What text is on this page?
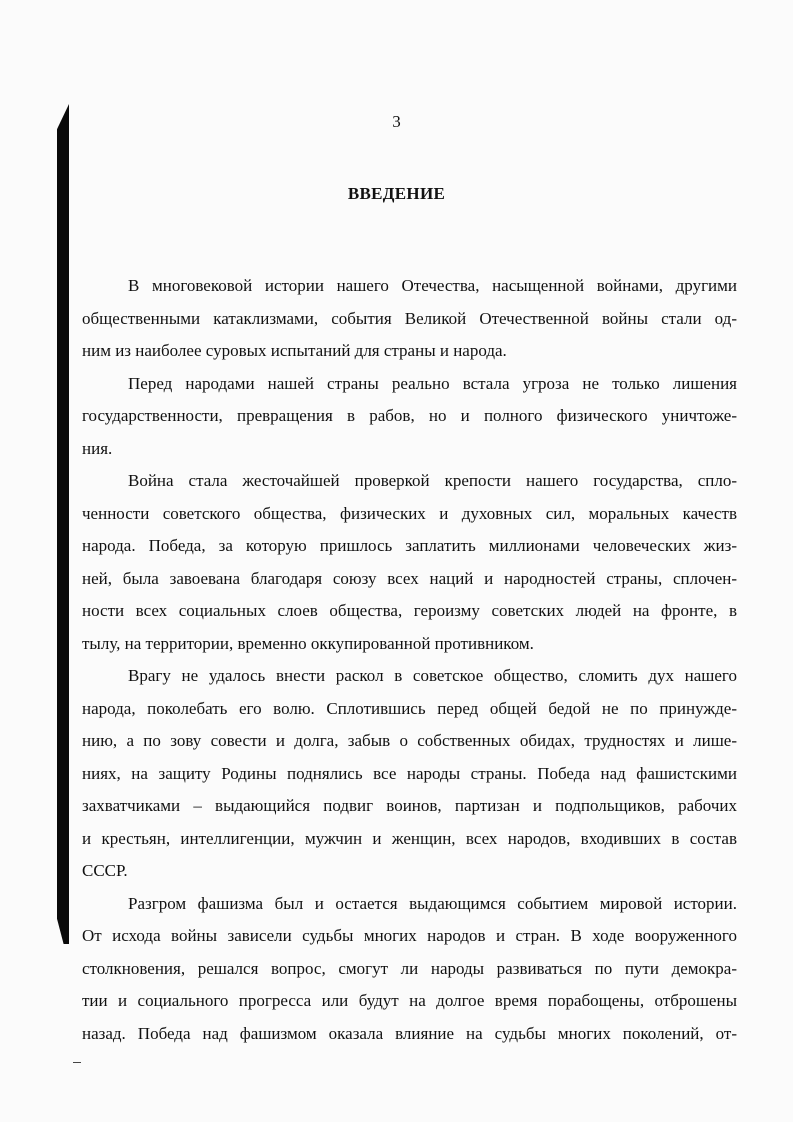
3
ВВЕДЕНИЕ
В многовековой истории нашего Отечества, насыщенной войнами, другими
общественными катаклизмами, события Великой Отечественной войны стали од-
ним из наиболее суровых испытаний для страны и народа.
Перед народами нашей страны реально встала угроза не только лишения
государственности, превращения в рабов, но и полного физического уничтоже-
ния.
Война стала жесточайшей проверкой крепости нашего государства, спло-
ченности советского общества, физических и духовных сил, моральных качеств
народа. Победа, за которую пришлось заплатить миллионами человеческих жиз-
ней, была завоевана благодаря союзу всех наций и народностей страны, сплочен-
ности всех социальных слоев общества, героизму советских людей на фронте, в
тылу, на территории, временно оккупированной противником.
Врагу не удалось внести раскол в советское общество, сломить дух нашего
народа, поколебать его волю. Сплотившись перед общей бедой не по принужде-
нию, а по зову совести и долга, забыв о собственных обидах, трудностях и лише-
ниях, на защиту Родины поднялись все народы страны. Победа над фашистскими
захватчиками – выдающийся подвиг воинов, партизан и подпольщиков, рабочих
и крестьян, интеллигенции, мужчин и женщин, всех народов, входивших в состав
СССР.
Разгром фашизма был и остается выдающимся событием мировой истории.
От исхода войны зависели судьбы многих народов и стран. В ходе вооруженного
столкновения, решался вопрос, смогут ли народы развиваться по пути демокра-
тии и социального прогресса или будут на долгое время порабощены, отброшены
назад. Победа над фашизмом оказала влияние на судьбы многих поколений, от-
